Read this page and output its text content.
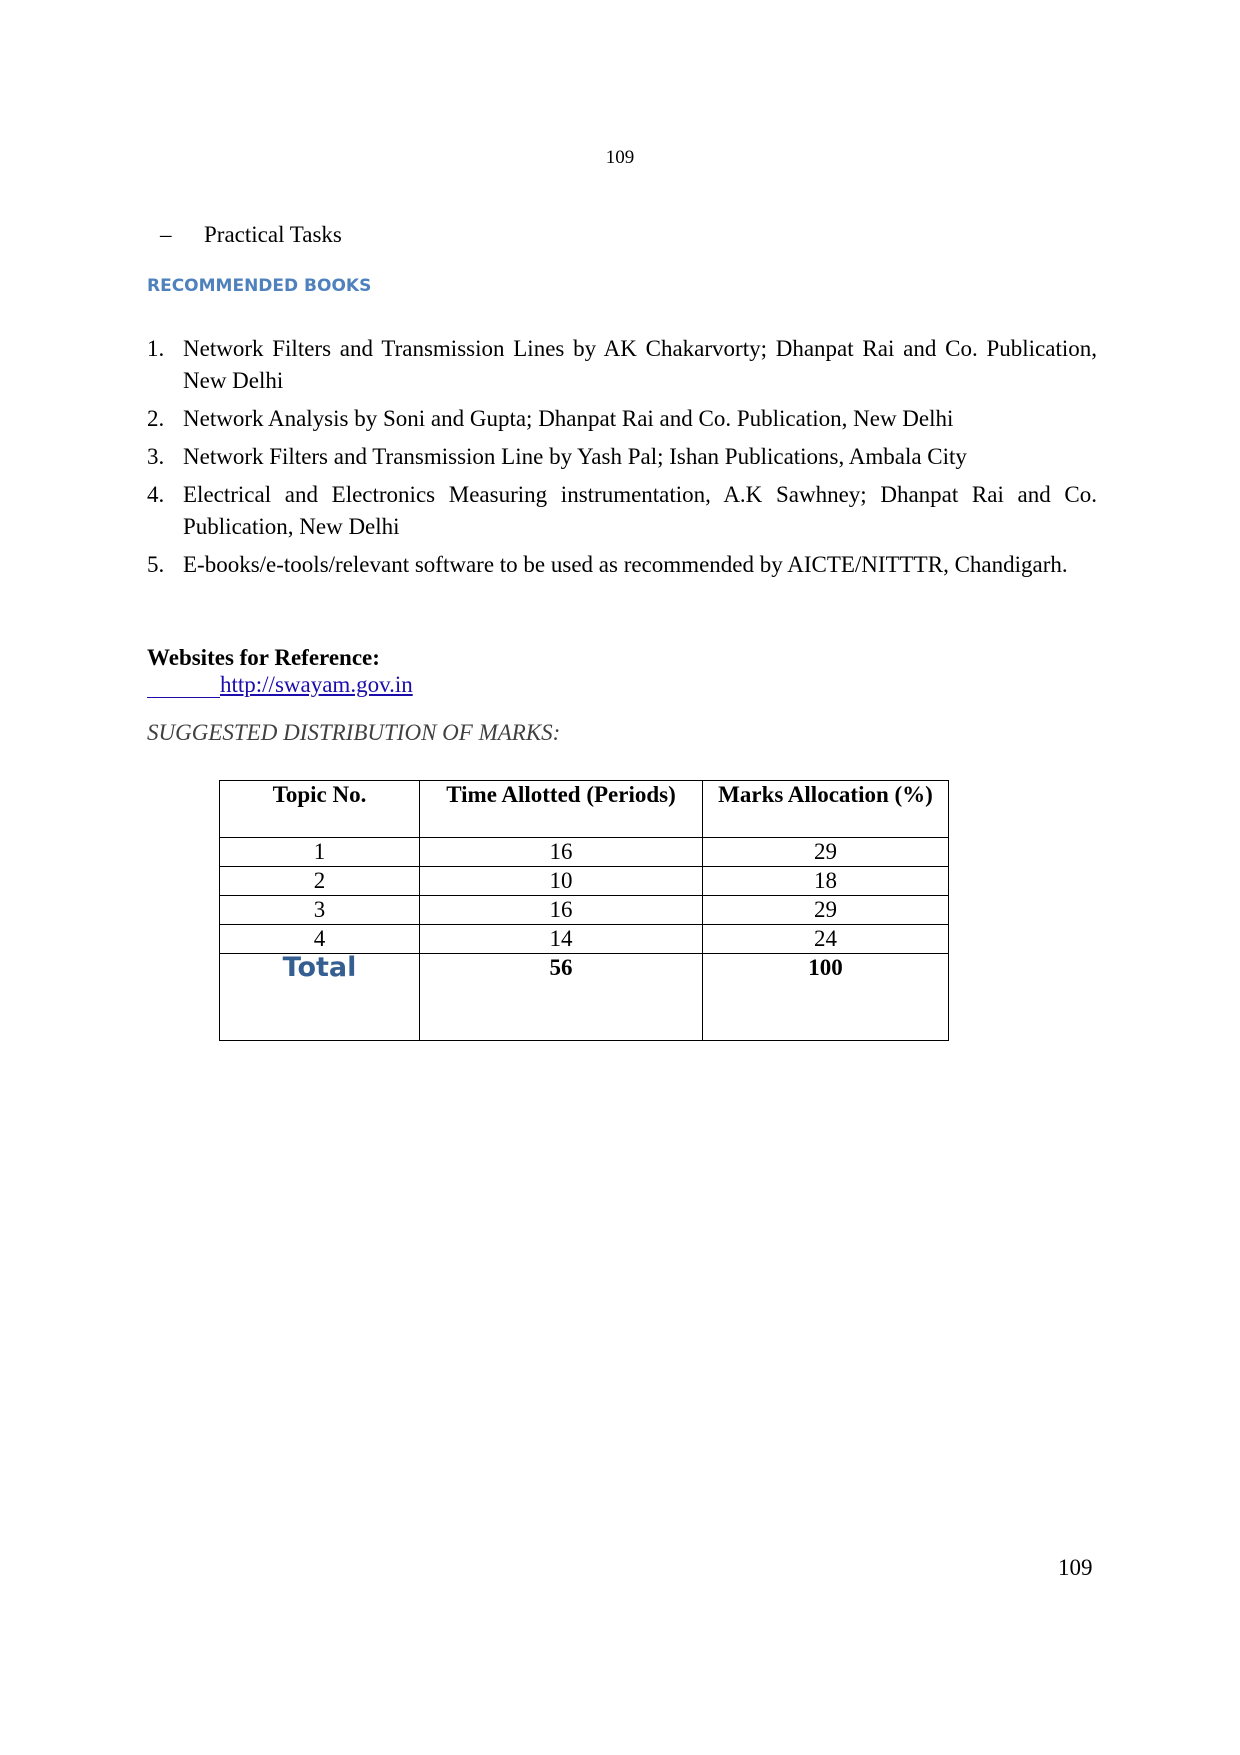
109
– Practical Tasks
RECOMMENDED BOOKS
1. Network Filters and Transmission Lines by AK Chakarvorty; Dhanpat Rai and Co. Publication, New Delhi
2. Network Analysis by Soni and Gupta; Dhanpat Rai and Co. Publication, New Delhi
3. Network Filters and Transmission Line by Yash Pal; Ishan Publications, Ambala City
4. Electrical and Electronics Measuring instrumentation, A.K Sawhney; Dhanpat Rai and Co. Publication, New Delhi
5. E-books/e-tools/relevant software to be used as recommended by AICTE/NITTTR, Chandigarh.
Websites for Reference:
http://swayam.gov.in
SUGGESTED DISTRIBUTION OF MARKS:
Topic No.	Time Allotted (Periods)	Marks Allocation (%)
1	16	29
2	10	18
3	16	29
4	14	24
Total	56	100
109
